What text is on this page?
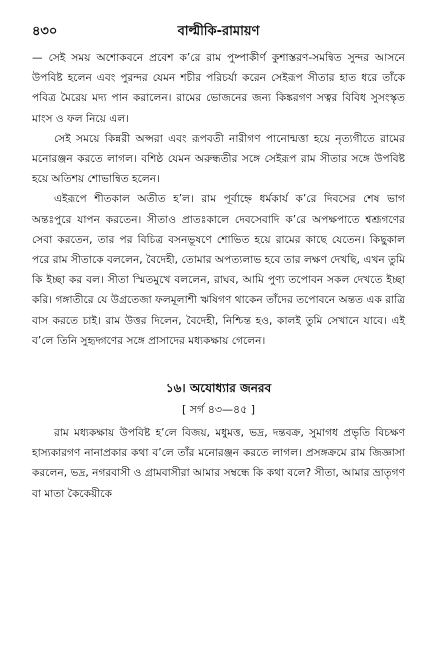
৪৩০	বাল্মীকি-রামায়ণ

— সেই সময় অশোকবনে প্রবেশ ক’রে রাম পুষ্পাকীর্ণ কুশাস্তরণ-সমন্বিত সুন্দর আসনে উপবিষ্ট হলেন এবং পুরন্দর যেমন শচীর পরিচর্যা করেন সেইরূপ সীতার হাত ধরে তাঁকে পবিত্র মৈরেয় মদ্য পান করালেন। রামের ভোজনের জন্য কিঙ্করগণ সত্বর বিবিধ সুসংস্কৃত মাংস ও ফল নিয়ে এল।

সেই সময়ে কিন্নরী অপ্সরা এবং রূপবতী নারীগণ পানোন্মত্তা হয়ে নৃত্যগীতে রামের মনোরঞ্জন করতে লাগল। বশিষ্ঠ যেমন অরুন্ধতীর সঙ্গে সেইরূপ রাম সীতার সঙ্গে উপবিষ্ট হয়ে অতিশয় শোভান্বিত হলেন।

এইরূপে শীতকাল অতীত হ’ল। রাম পূর্বাহ্নে ধর্মকার্য ক’রে দিবসের শেষ ভাগ অন্তঃপুরে যাপন করতেন। সীতাও প্রাতঃকালে দেবসেবাদি ক’রে অপক্ষপাতে শ্বশ্রূগণের সেবা করতেন, তার পর বিচিত্র বসনভূষণে শোভিত হয়ে রামের কাছে যেতেন। কিছুকাল পরে রাম সীতাকে বললেন, বৈদেহী, তোমার অপত্যলাভ হবে তার লক্ষণ দেখছি, এখন তুমি কি ইচ্ছা কর বল। সীতা স্মিতমুখে বললেন, রাঘব, আমি পুণ্য তপোবন সকল দেখতে ইচ্ছা করি। গঙ্গাতীরে যে উগ্রতেজা ফলমূলাশী ঋষিগণ থাকেন তাঁদের তপোবনে অন্তত এক রাত্রি বাস করতে চাই। রাম উত্তর দিলেন, বৈদেহী, নিশ্চিন্ত হও, কালই তুমি সেখানে যাবে। এই ব’লে তিনি সুহৃদ্গণের সঙ্গে প্রাসাদের মধ্যকক্ষায় গেলেন।

১৬। অযোধ্যার জনরব
[ সর্গ ৪৩—৪৫ ]

রাম মধ্যকক্ষায় উপবিষ্ট হ’লে বিজয়, মধুমত্ত, ভদ্র, দন্তবক্র, সুমাগধ প্রভৃতি বিচক্ষণ হাস্যকারগণ নানাপ্রকার কথা ব’লে তাঁর মনোরঞ্জন করতে লাগল। প্রসঙ্গক্রমে রাম জিজ্ঞাসা করলেন, ভদ্র, নগরবাসী ও গ্রামবাসীরা আমার সম্বন্ধে কি কথা বলে? সীতা, আমার ভ্রাতৃগণ বা মাতা কৈকেয়ীকে
